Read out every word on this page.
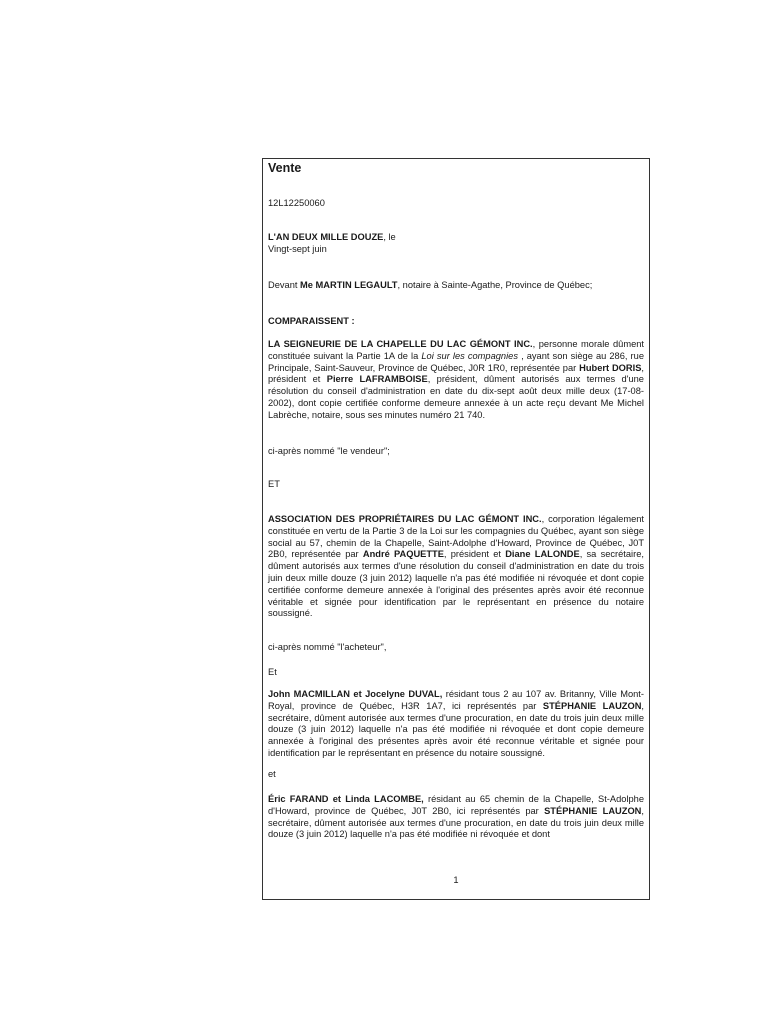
Vente

12L12250060

L'AN DEUX MILLE DOUZE, le
Vingt-sept juin

Devant Me MARTIN LEGAULT, notaire à Sainte-Agathe, Province de Québec;

COMPARAISSENT :

LA SEIGNEURIE DE LA CHAPELLE DU LAC GÉMONT INC., personne morale dûment constituée suivant la Partie 1A de la Loi sur les compagnies , ayant son siège au 286, rue Principale, Saint-Sauveur, Province de Québec, J0R 1R0, représentée par Hubert DORIS, président et Pierre LAFRAMBOISE, président, dûment autorisés aux termes d'une résolution du conseil d'administration en date du dix-sept août deux mille deux (17-08-2002), dont copie certifiée conforme demeure annexée à un acte reçu devant Me Michel Labrèche, notaire, sous ses minutes numéro 21 740.

ci-après nommé "le vendeur";

ET

ASSOCIATION DES PROPRIÉTAIRES DU LAC GÉMONT INC., corporation légalement constituée en vertu de la Partie 3 de la Loi sur les compagnies du Québec, ayant son siège social au 57, chemin de la Chapelle, Saint-Adolphe d'Howard, Province de Québec, J0T 2B0, représentée par André PAQUETTE, président et Diane LALONDE, sa secrétaire, dûment autorisés aux termes d'une résolution du conseil d'administration en date du trois juin deux mille douze (3 juin 2012) laquelle n'a pas été modifiée ni révoquée et dont copie certifiée conforme demeure annexée à l'original des présentes après avoir été reconnue véritable et signée pour identification par le représentant en présence du notaire soussigné.

ci-après nommé "l'acheteur",

Et

John MACMILLAN et Jocelyne DUVAL, résidant tous 2 au 107 av. Britanny, Ville Mont-Royal, province de Québec, H3R 1A7, ici représentés par STÉPHANIE LAUZON, secrétaire, dûment autorisée aux termes d'une procuration, en date du trois juin deux mille douze (3 juin 2012) laquelle n'a pas été modifiée ni révoquée et dont copie demeure annexée à l'original des présentes après avoir été reconnue véritable et signée pour identification par le représentant en présence du notaire soussigné.

et

Éric FARAND et Linda LACOMBE, résidant au 65 chemin de la Chapelle, St-Adolphe d'Howard, province de Québec, J0T 2B0, ici représentés par STÉPHANIE LAUZON, secrétaire, dûment autorisée aux termes d'une procuration, en date du trois juin deux mille douze (3 juin 2012) laquelle n'a pas été modifiée ni révoquée et dont

1
